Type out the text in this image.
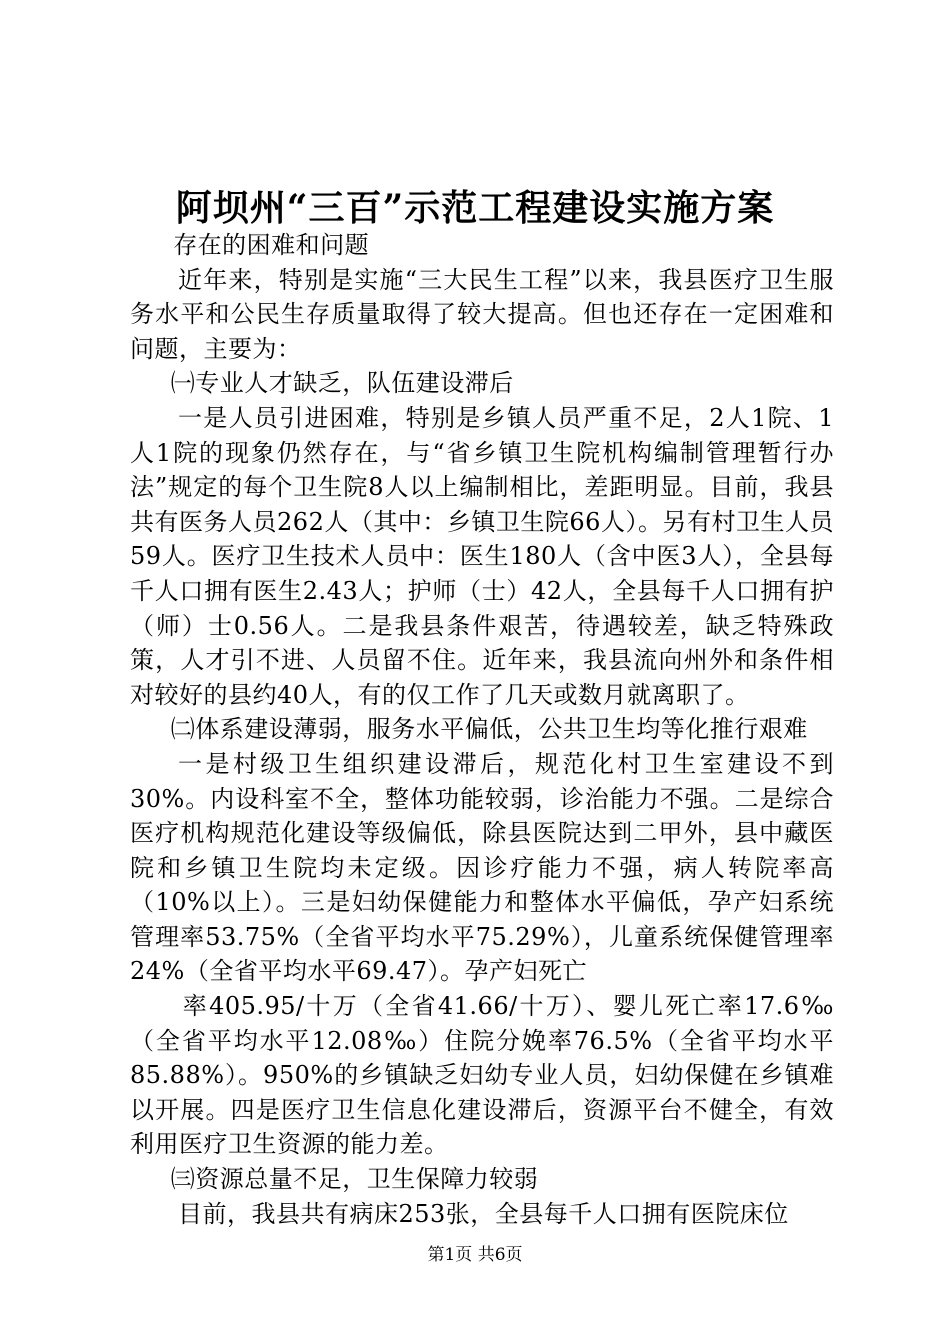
阿坝州“三百”示范工程建设实施方案

存在的困难和问题

近年来，特别是实施“三大民生工程”以来，我县医疗卫生服务水平和公民生存质量取得了较大提高。但也还存在一定困难和问题，主要为：

㈠专业人才缺乏，队伍建设滞后

一是人员引进困难，特别是乡镇人员严重不足，2人1院、1人1院的现象仍然存在，与“省乡镇卫生院机构编制管理暂行办法”规定的每个卫生院8人以上编制相比，差距明显。目前，我县共有医务人员262人（其中：乡镇卫生院66人）。另有村卫生人员59人。医疗卫生技术人员中：医生180人（含中医3人），全县每千人口拥有医生2.43人；护师（士）42人，全县每千人口拥有护（师）士0.56人。二是我县条件艰苦，待遇较差，缺乏特殊政策，人才引不进、人员留不住。近年来，我县流向州外和条件相对较好的县约40人，有的仅工作了几天或数月就离职了。

㈡体系建设薄弱，服务水平偏低，公共卫生均等化推行艰难

一是村级卫生组织建设滞后，规范化村卫生室建设不到30%。内设科室不全，整体功能较弱，诊治能力不强。二是综合医疗机构规范化建设等级偏低，除县医院达到二甲外，县中藏医院和乡镇卫生院均未定级。因诊疗能力不强，病人转院率高（10%以上）。三是妇幼保健能力和整体水平偏低，孕产妇系统管理率53.75%（全省平均水平75.29%），儿童系统保健管理率24%（全省平均水平69.47）。孕产妇死亡

率405.95/十万（全省41.66/十万）、婴儿死亡率17.6‰（全省平均水平12.08‰）住院分娩率76.5%（全省平均水平85.88%）。950%的乡镇缺乏妇幼专业人员，妇幼保健在乡镇难以开展。四是医疗卫生信息化建设滞后，资源平台不健全，有效利用医疗卫生资源的能力差。

㈢资源总量不足，卫生保障力较弱

目前，我县共有病床253张，全县每千人口拥有医院床位

第1页 共6页
